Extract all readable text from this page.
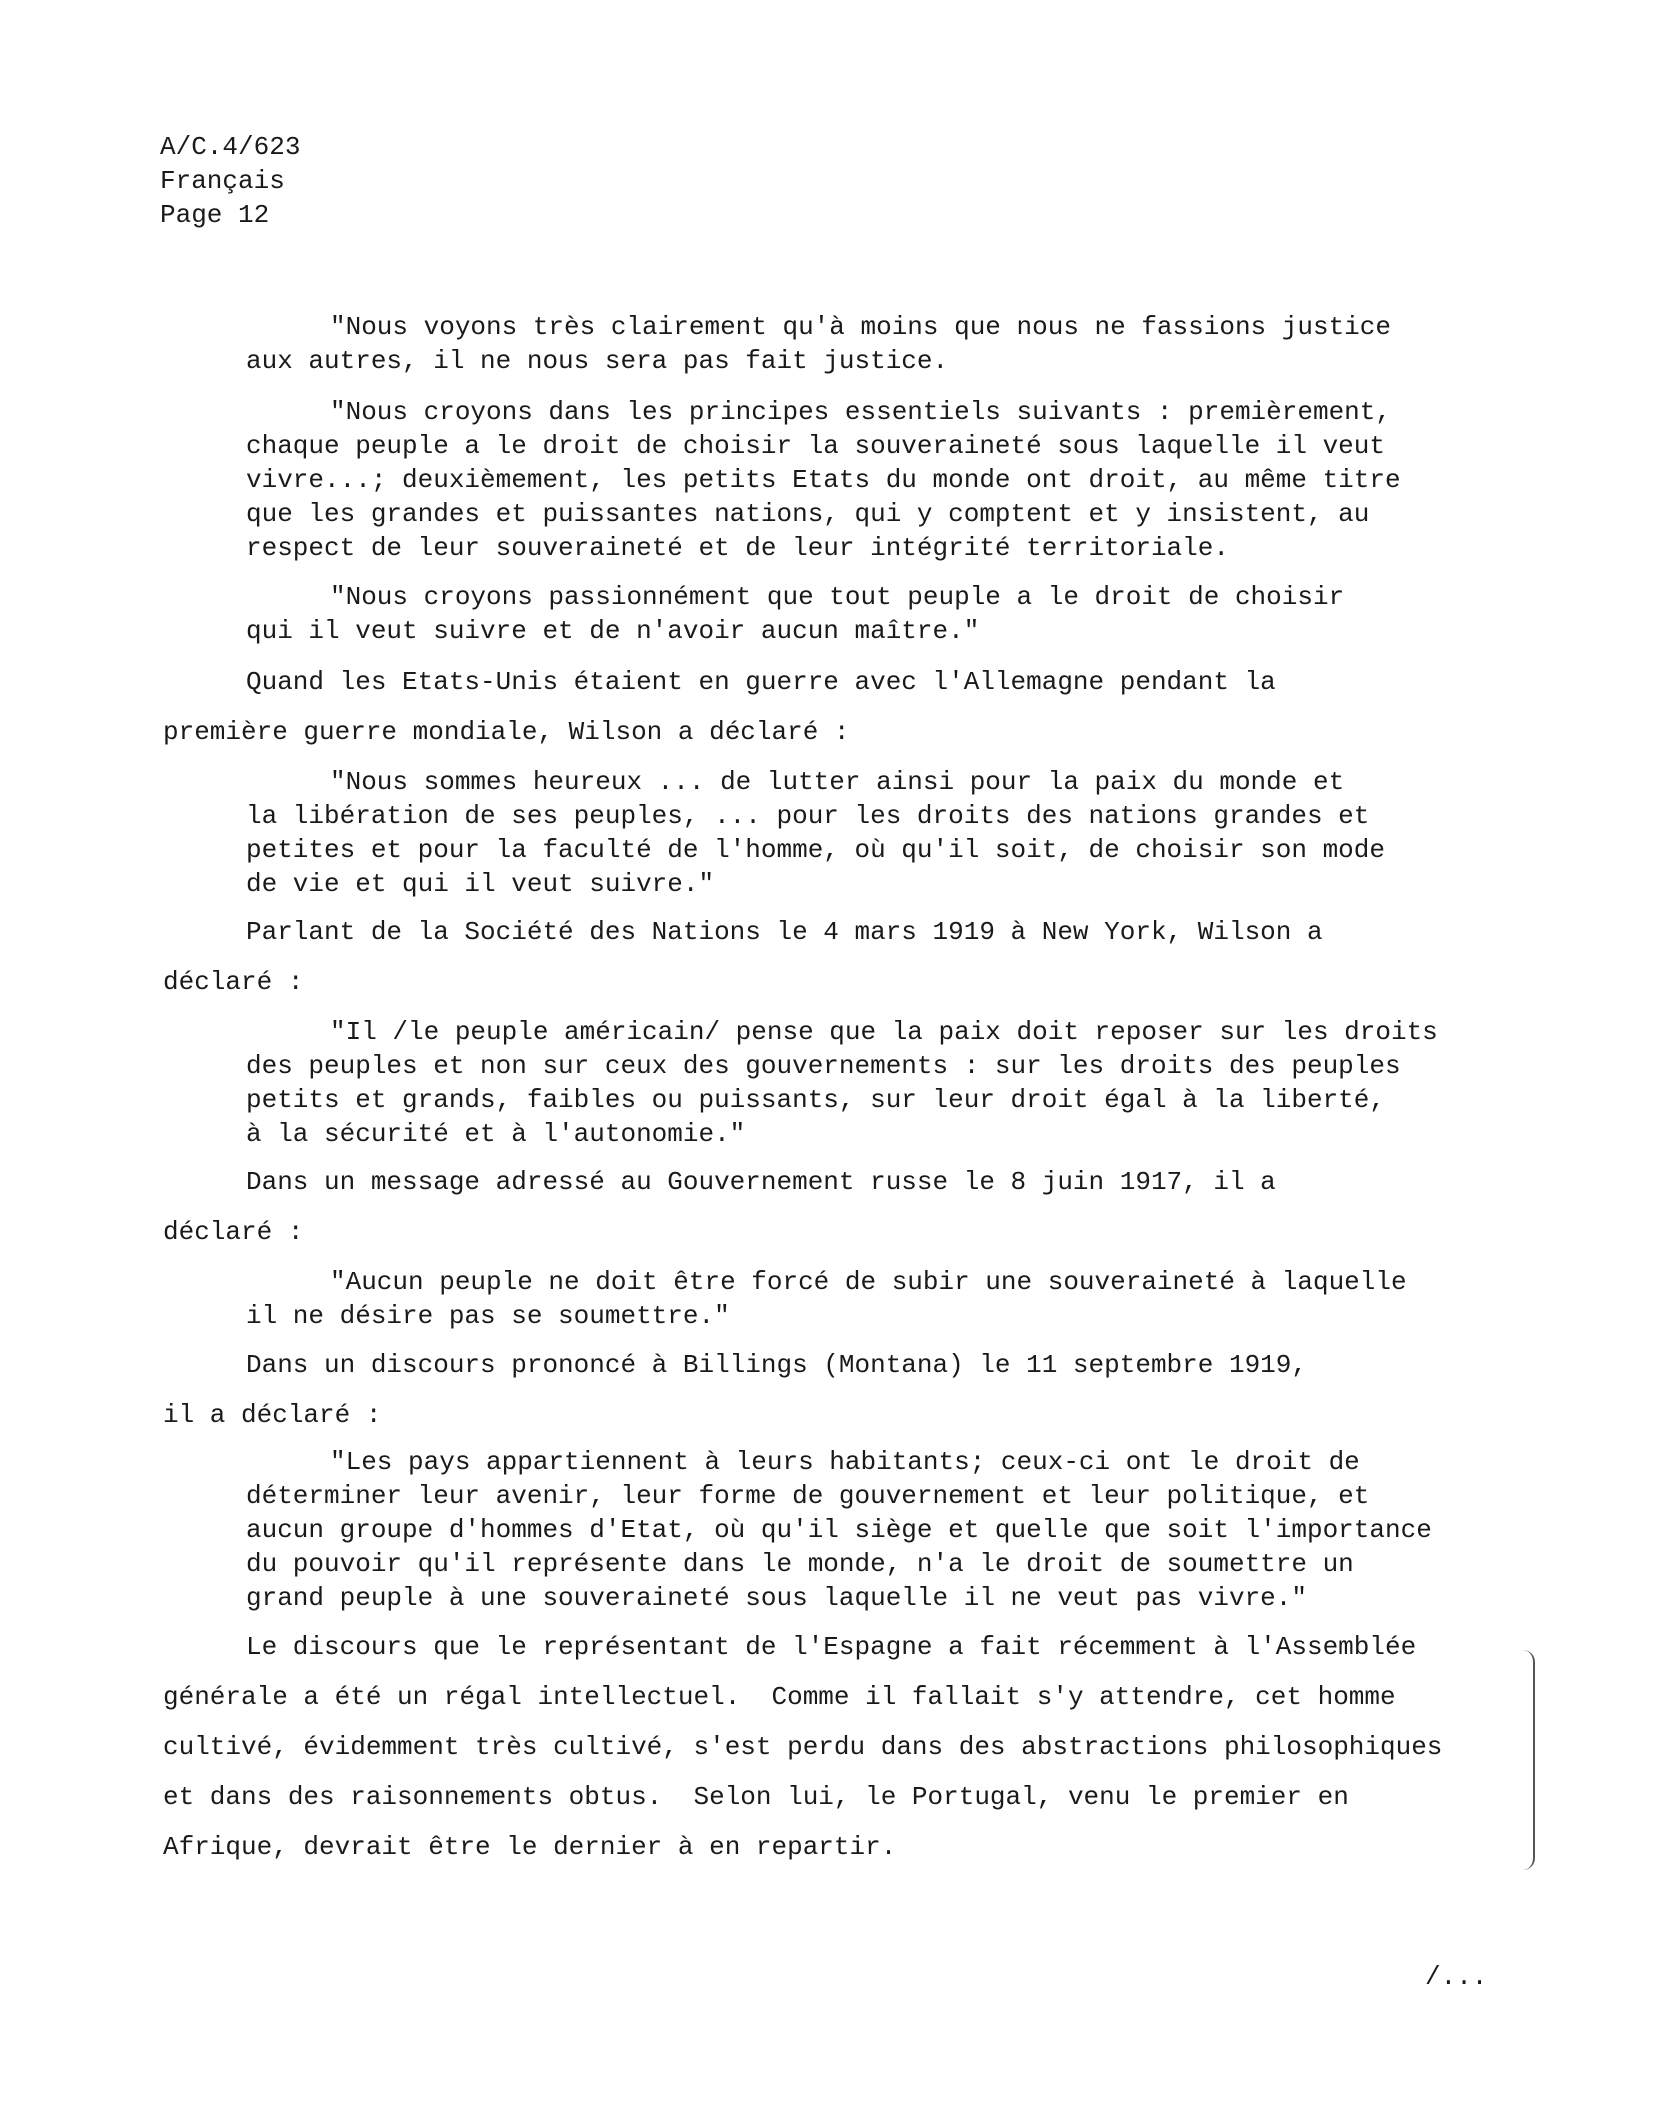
A/C.4/623
Français
Page 12
"Nous voyons très clairement qu'à moins que nous ne fassions justice
aux autres, il ne nous sera pas fait justice.
"Nous croyons dans les principes essentiels suivants : premièrement,
chaque peuple a le droit de choisir la souveraineté sous laquelle il veut
vivre...; deuxièmement, les petits Etats du monde ont droit, au même titre
que les grandes et puissantes nations, qui y comptent et y insistent, au
respect de leur souveraineté et de leur intégrité territoriale.
"Nous croyons passionnément que tout peuple a le droit de choisir
qui il veut suivre et de n'avoir aucun maître."
Quand les Etats-Unis étaient en guerre avec l'Allemagne pendant la
première guerre mondiale, Wilson a déclaré :
"Nous sommes heureux ... de lutter ainsi pour la paix du monde et
la libération de ses peuples, ... pour les droits des nations grandes et
petites et pour la faculté de l'homme, où qu'il soit, de choisir son mode
de vie et qui il veut suivre."
Parlant de la Société des Nations le 4 mars 1919 à New York, Wilson a
déclaré :
"Il /le peuple américain/ pense que la paix doit reposer sur les droits
des peuples et non sur ceux des gouvernements : sur les droits des peuples
petits et grands, faibles ou puissants, sur leur droit égal à la liberté,
à la sécurité et à l'autonomie."
Dans un message adressé au Gouvernement russe le 8 juin 1917, il a
déclaré :
"Aucun peuple ne doit être forcé de subir une souveraineté à laquelle
il ne désire pas se soumettre."
Dans un discours prononcé à Billings (Montana) le 11 septembre 1919,
il a déclaré :
"Les pays appartiennent à leurs habitants; ceux-ci ont le droit de
déterminer leur avenir, leur forme de gouvernement et leur politique, et
aucun groupe d'hommes d'Etat, où qu'il siège et quelle que soit l'importance
du pouvoir qu'il représente dans le monde, n'a le droit de soumettre un
grand peuple à une souveraineté sous laquelle il ne veut pas vivre."
Le discours que le représentant de l'Espagne a fait récemment à l'Assemblée
générale a été un régal intellectuel.  Comme il fallait s'y attendre, cet homme
cultivé, évidemment très cultivé, s'est perdu dans des abstractions philosophiques
et dans des raisonnements obtus.  Selon lui, le Portugal, venu le premier en
Afrique, devrait être le dernier à en repartir.
/...
